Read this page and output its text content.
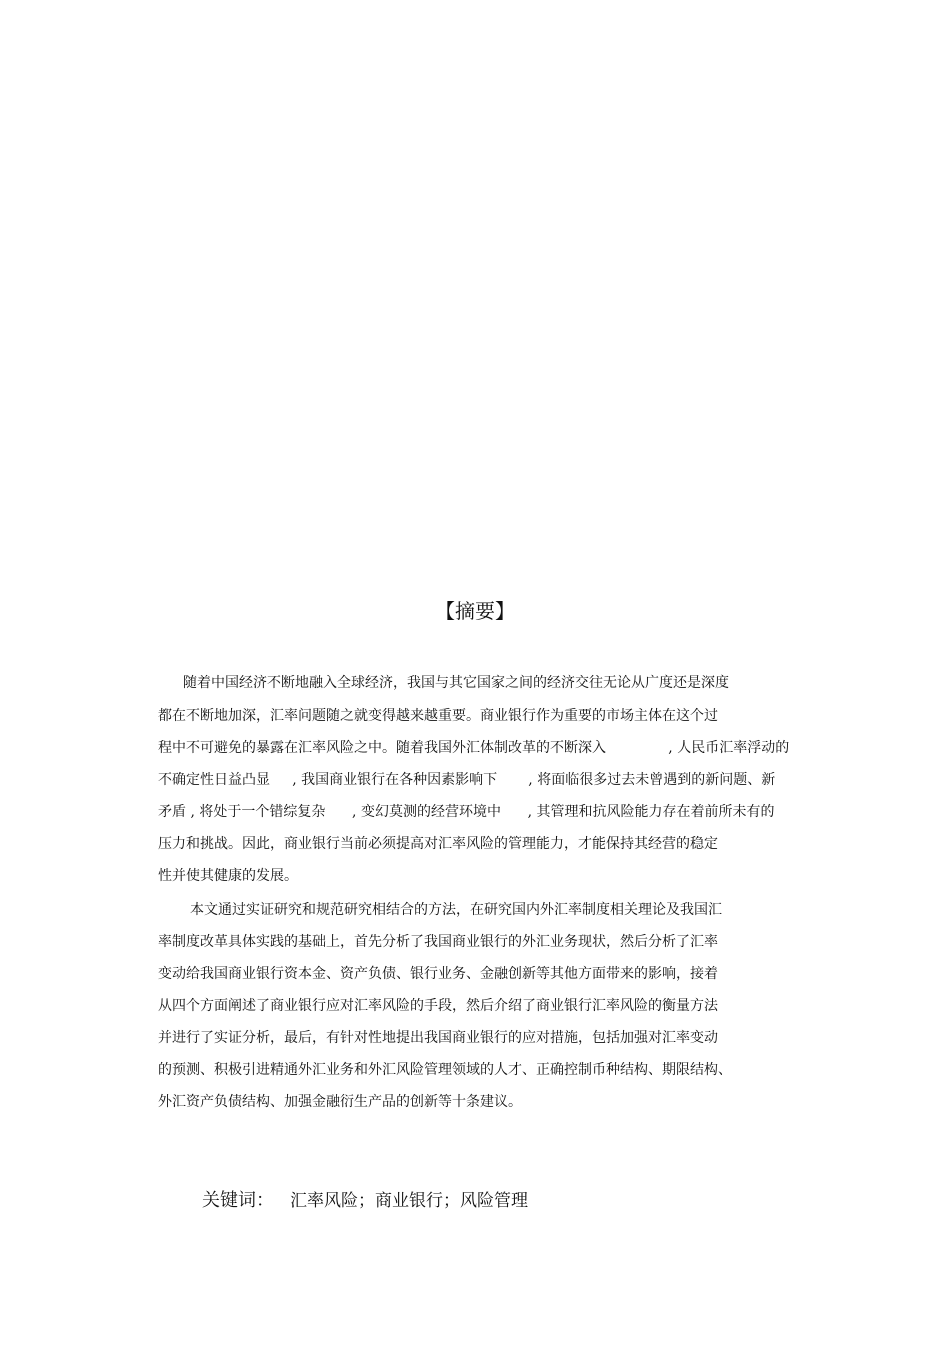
【摘要】
随着中国经济不断地融入全球经济，我国与其它国家之间的经济交往无论从广度还是深度
都在不断地加深，汇率问题随之就变得越来越重要。商业银行作为重要的市场主体在这个过
程中不可避免的暴露在汇率风险之中。随着我国外汇体制改革的不断深入              , 人民币汇率浮动的
不确定性日益凸显     , 我国商业银行在各种因素影响下       , 将面临很多过去未曾遇到的新问题、新
矛盾 , 将处于一个错综复杂      , 变幻莫测的经营环境中      , 其管理和抗风险能力存在着前所未有的
压力和挑战。因此，商业银行当前必须提高对汇率风险的管理能力，才能保持其经营的稳定
性并使其健康的发展。
本文通过实证研究和规范研究相结合的方法，在研究国内外汇率制度相关理论及我国汇
率制度改革具体实践的基础上，首先分析了我国商业银行的外汇业务现状，然后分析了汇率
变动给我国商业银行资本金、资产负债、银行业务、金融创新等其他方面带来的影响，接着
从四个方面阐述了商业银行应对汇率风险的手段，然后介绍了商业银行汇率风险的衡量方法
并进行了实证分析，最后，有针对性地提出我国商业银行的应对措施，包括加强对汇率变动
的预测、积极引进精通外汇业务和外汇风险管理领域的人才、正确控制币种结构、期限结构、
外汇资产负债结构、加强金融衍生产品的创新等十条建议。
关键词： 汇率风险；商业银行；风险管理
